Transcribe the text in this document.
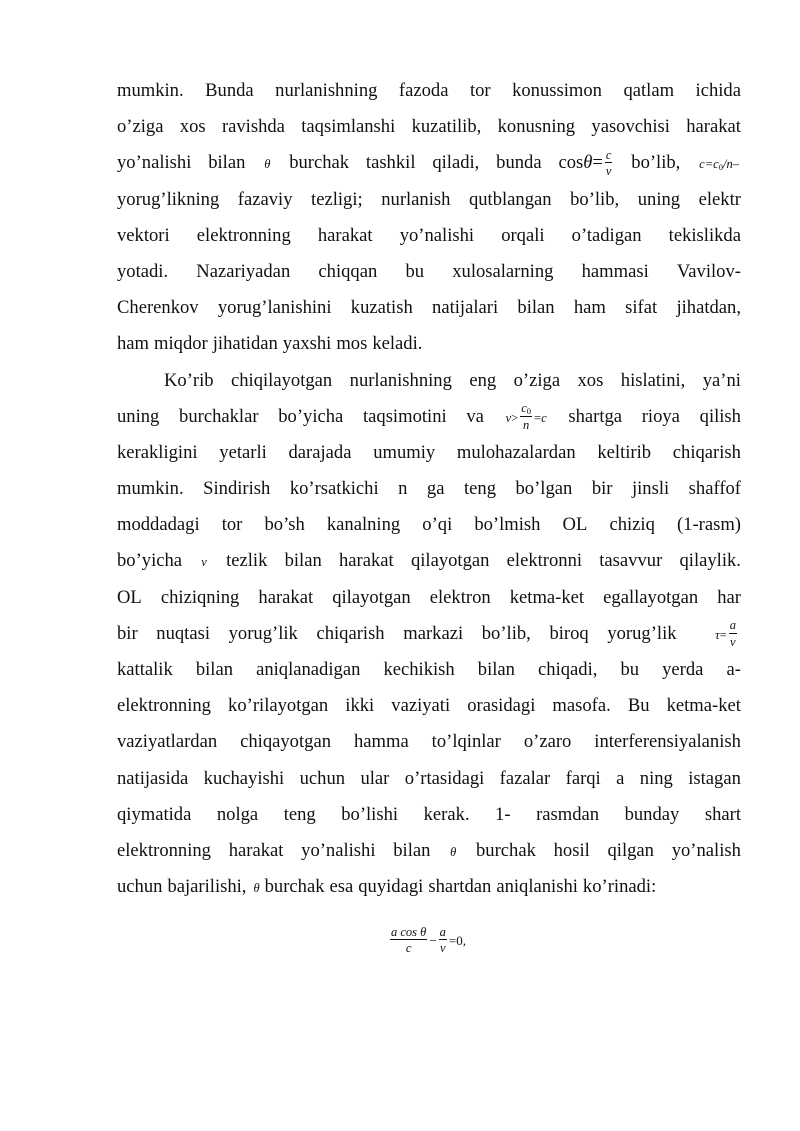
mumkin. Bunda nurlanishning fazoda tor konussimon qatlam ichida
o’ziga xos ravishda taqsimlanshi kuzatilib, konusning yasovchisi harakat
yo’nalishi bilan θ burchak tashkil qiladi, bunda $\cos\theta= \frac{c}{v}$ bo’lib, $c=c_0/n-$
yorug’likning fazaviy tezligi; nurlanish qutblangan bo’lib, uning elektr
vektori elektronning harakat yo’nalishi orqali o’tadigan tekislikda
yotadi. Nazariyadan chiqqan bu xulosalarning hammasi Vavilov-
Cherenkov yorug’lanishini kuzatish natijalari bilan ham sifat jihatdan,
ham miqdor jihatidan yaxshi mos keladi.
Ko’rib chiqilayotgan nurlanishning eng o’ziga xos hislatini, ya’ni
uning burchaklar bo’yicha taqsimotini va $v > \frac{c_0}{n} = c$ shartga rioya qilish
kerakligini yetarli darajada umumiy mulohazalardan keltirib chiqarish
mumkin. Sindirish ko’rsatkichi n ga teng bo’lgan bir jinsli shaffof
moddadagi tor bo’sh kanalning o’qi bo’lmish OL chiziq (1-rasm)
bo’yicha v tezlik bilan harakat qilayotgan elektronni tasavvur qilaylik.
OL chiziqning harakat qilayotgan elektron ketma-ket egallayotgan har
bir nuqtasi yorug’lik chiqarish markazi bo’lib, biroq yorug’lik	$\tau = \frac{a}{v}$
kattalik bilan aniqlanadigan kechikish bilan chiqadi, bu yerda a-
elektronning ko’rilayotgan ikki vaziyati orasidagi masofa. Bu ketma-ket
vaziyatlardan chiqayotgan hamma to’lqinlar o’zaro interferensiyalanish
natijasida kuchayishi uchun ular o’rtasidagi fazalar farqi a ning istagan
qiymatida nolga teng bo’lishi kerak. 1- rasmdan bunday shart
elektronning harakat yo’nalishi bilan θ burchak hosil qilgan yo’nalish
uchun bajarilishi, θ burchak esa quyidagi shartdan aniqlanishi ko’rinadi:
$\frac{\text{a cos θ}}{c} - \frac{a}{v} =0$ ,
